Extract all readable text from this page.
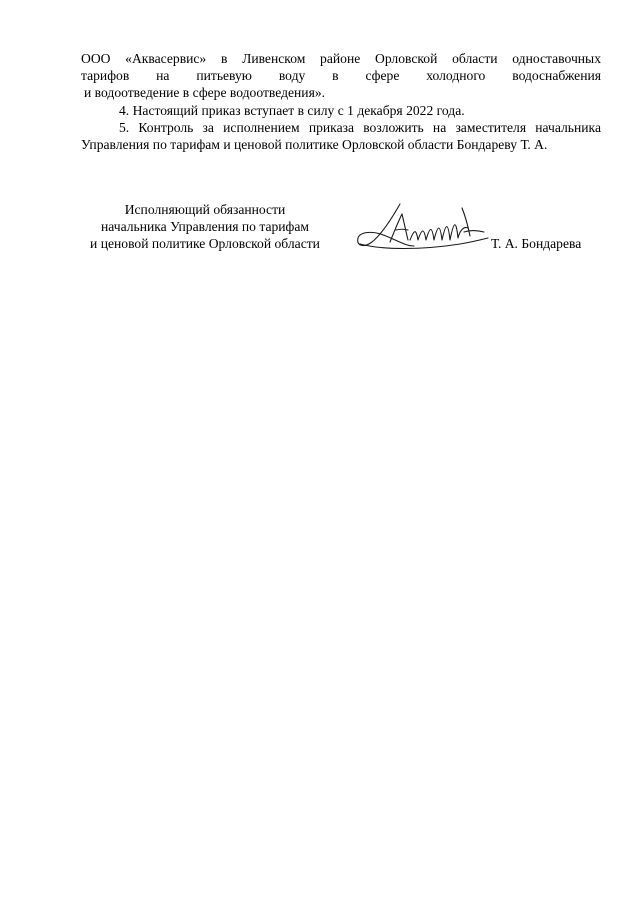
ООО «Аквасервис» в Ливенском районе Орловской области одноставочных
тарифов на питьевую воду в сфере холодного водоснабжения
и водоотведение в сфере водоотведения».
4. Настоящий приказ вступает в силу с 1 декабря 2022 года.
5. Контроль за исполнением приказа возложить на заместителя начальника
Управления по тарифам и ценовой политике Орловской области Бондареву Т. А.
Исполняющий обязанности
начальника Управления по тарифам
и ценовой политике Орловской области	Т. А. Бондарева
